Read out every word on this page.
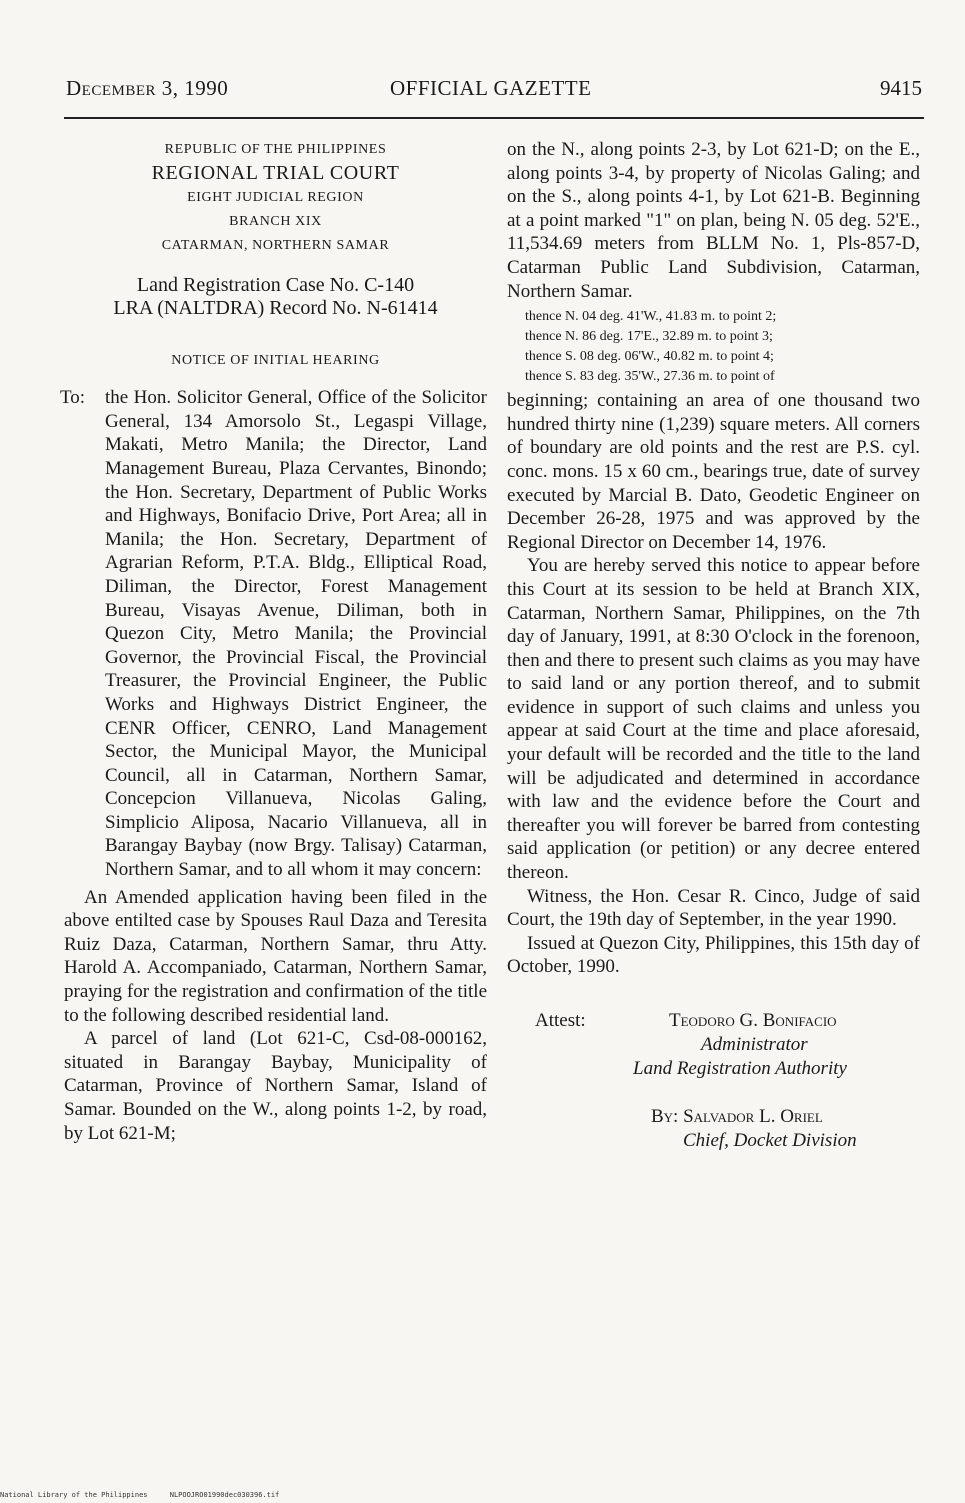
December 3, 1990	OFFICIAL GAZETTE	9415
REPUBLIC OF THE PHILIPPINES
REGIONAL TRIAL COURT
EIGHT JUDICIAL REGION
BRANCH XIX
CATARMAN, NORTHERN SAMAR
Land Registration Case No. C-140
LRA (NALTDRA) Record No. N-61414
NOTICE OF INITIAL HEARING
To: the Hon. Solicitor General, Office of the Solicitor General, 134 Amorsolo St., Legaspi Village, Makati, Metro Manila; the Director, Land Management Bureau, Plaza Cervantes, Binondo; the Hon. Secretary, Department of Public Works and Highways, Bonifacio Drive, Port Area; all in Manila; the Hon. Secretary, Department of Agrarian Reform, P.T.A. Bldg., Elliptical Road, Diliman, the Director, Forest Management Bureau, Visayas Avenue, Diliman, both in Quezon City, Metro Manila; the Provincial Governor, the Provincial Fiscal, the Provincial Treasurer, the Provincial Engineer, the Public Works and Highways District Engineer, the CENR Officer, CENRO, Land Management Sector, the Municipal Mayor, the Municipal Council, all in Catarman, Northern Samar, Concepcion Villanueva, Nicolas Galing, Simplicio Aliposa, Nacario Villanueva, all in Barangay Baybay (now Brgy. Talisay) Catarman, Northern Samar, and to all whom it may concern:

An Amended application having been filed in the above entilted case by Spouses Raul Daza and Teresita Ruiz Daza, Catarman, Northern Samar, thru Atty. Harold A. Accompaniado, Catarman, Northern Samar, praying for the registration and confirmation of the title to the following described residential land.

A parcel of land (Lot 621-C, Csd-08-000162, situated in Barangay Baybay, Municipality of Catarman, Province of Northern Samar, Island of Samar. Bounded on the W., along points 1-2, by road, by Lot 621-M;

on the N., along points 2-3, by Lot 621-D; on the E., along points 3-4, by property of Nicolas Galing; and on the S., along points 4-1, by Lot 621-B. Beginning at a point marked "1" on plan, being N. 05 deg. 52'E., 11,534.69 meters from BLLM No. 1, Pls-857-D, Catarman Public Land Subdivision, Catarman, Northern Samar.

thence N. 04 deg. 41'W., 41.83 m. to point 2;
thence N. 86 deg. 17'E., 32.89 m. to point 3;
thence S. 08 deg. 06'W., 40.82 m. to point 4;
thence S. 83 deg. 35'W., 27.36 m. to point of

beginning; containing an area of one thousand two hundred thirty nine (1,239) square meters. All corners of boundary are old points and the rest are P.S. cyl. conc. mons. 15 x 60 cm., bearings true, date of survey executed by Marcial B. Dato, Geodetic Engineer on December 26-28, 1975 and was approved by the Regional Director on December 14, 1976.

You are hereby served this notice to appear before this Court at its session to be held at Branch XIX, Catarman, Northern Samar, Philippines, on the 7th day of January, 1991, at 8:30 O'clock in the forenoon, then and there to present such claims as you may have to said land or any portion thereof, and to submit evidence in support of such claims and unless you appear at said Court at the time and place aforesaid, your default will be recorded and the title to the land will be adjudicated and determined in accordance with law and the evidence before the Court and thereafter you will forever be barred from contesting said application (or petition) or any decree entered thereon.

Witness, the Hon. Cesar R. Cinco, Judge of said Court, the 19th day of September, in the year 1990.

Issued at Quezon City, Philippines, this 15th day of October, 1990.

Attest:	Teodoro G. Bonifacio
Administrator
Land Registration Authority
By: Salvador L. Oriel
Chief, Docket Division
National Library of the Philippines	NLPOOJRO01990dec030396.tif
